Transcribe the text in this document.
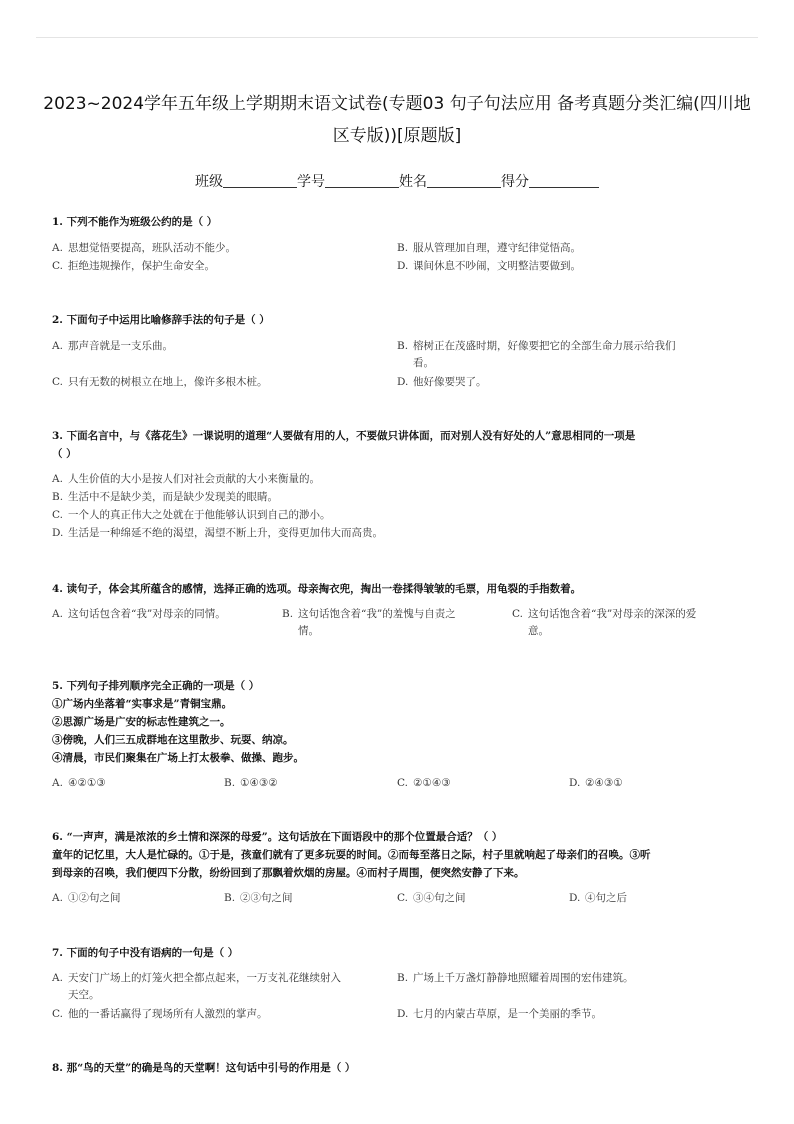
2023~2024学年五年级上学期期末语文试卷(专题03 句子句法应用 备考真题分类汇编(四川地
区专版))[原题版]
班级	学号	姓名	得分
1. 下列不能作为班级公约的是（ ）
A. 思想觉悟要提高，班队活动不能少。	B. 服从管理加自理，遵守纪律觉悟高。
C. 拒绝违规操作，保护生命安全。	D. 课间休息不吵闹，文明整洁要做到。
2. 下面句子中运用比喻修辞手法的句子是（ ）
A. 那声音就是一支乐曲。	B. 榕树正在茂盛时期，好像要把它的全部生命力展示给我们
看。
C. 只有无数的树根立在地上，像许多根木桩。	D. 他好像要哭了。
3. 下面名言中，与《落花生》一课说明的道理“人要做有用的人，不要做只讲体面，而对别人没有好处的人”意思相同的一项是
（ ）
A. 人生价值的大小是按人们对社会贡献的大小来衡量的。
B. 生活中不是缺少美，而是缺少发现美的眼睛。
C. 一个人的真正伟大之处就在于他能够认识到自己的渺小。
D. 生活是一种绵延不绝的渴望，渴望不断上升，变得更加伟大而高贵。
4. 读句子，体会其所蕴含的感情，选择正确的选项。母亲掏衣兜，掏出一卷揉得皱皱的毛票，用龟裂的手指数着。
A. 这句话包含着“我”对母亲的同情。	B. 这句话饱含着“我”的羞愧与自责之
情。
C. 这句话饱含着“我”对母亲的深深的爱
意。
5. 下列句子排列顺序完全正确的一项是（ ）
①广场内坐落着“实事求是”青铜宝鼎。
②思源广场是广安的标志性建筑之一。
③傍晚，人们三五成群地在这里散步、玩耍、纳凉。
④清晨，市民们聚集在广场上打太极拳、做操、跑步。
A. ④②①③	B. ①④③②	C. ②①④③	D. ②④③①
6. “一声声，满是浓浓的乡土情和深深的母爱”。这句话放在下面语段中的那个位置最合适？（ ）
童年的记忆里，大人是忙碌的。①于是，孩童们就有了更多玩耍的时间。②而每至落日之际，村子里就响起了母亲们的召唤。③听
到母亲的召唤，我们便四下分散，纷纷回到了那飘着炊烟的房屋。④而村子周围，便突然安静了下来。
A. ①②句之间	B. ②③句之间	C. ③④句之间	D. ④句之后
7. 下面的句子中没有语病的一句是（ ）
A. 天安门广场上的灯笼火把全都点起来，一万支礼花继续射入
天空。
B. 广场上千万盏灯静静地照耀着周围的宏伟建筑。
C. 他的一番话赢得了现场所有人激烈的掌声。	D. 七月的内蒙古草原，是一个美丽的季节。
8. 那“鸟的天堂”的确是鸟的天堂啊！这句话中引号的作用是（ ）
